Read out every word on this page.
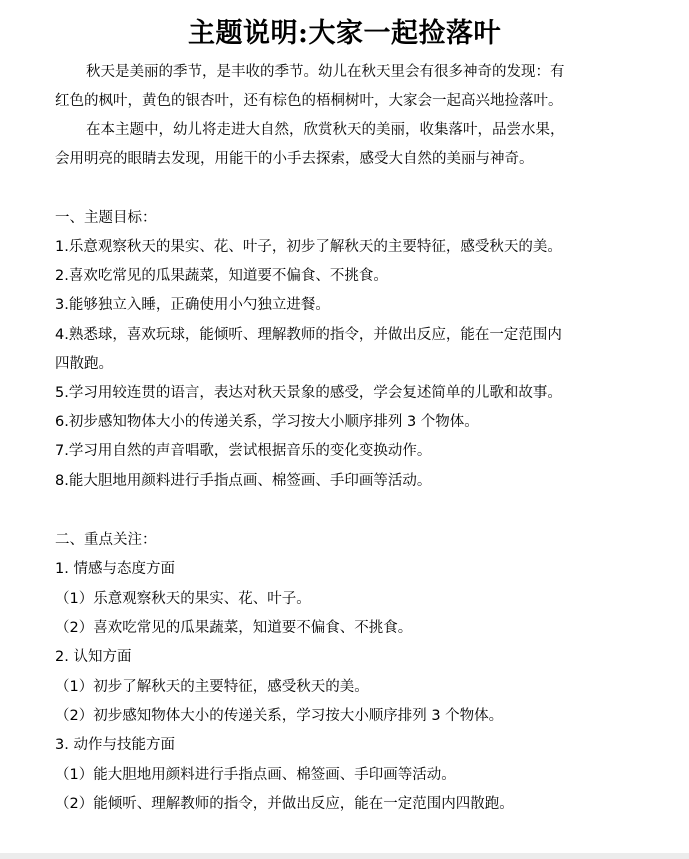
主题说明:大家一起捡落叶
秋天是美丽的季节，是丰收的季节。幼儿在秋天里会有很多神奇的发现：有
红色的枫叶，黄色的银杏叶，还有棕色的梧桐树叶，大家会一起高兴地捡落叶。
在本主题中，幼儿将走进大自然，欣赏秋天的美丽，收集落叶，品尝水果，
会用明亮的眼睛去发现，用能干的小手去探索，感受大自然的美丽与神奇。
一、主题目标：
1.乐意观察秋天的果实、花、叶子，初步了解秋天的主要特征，感受秋天的美。
2.喜欢吃常见的瓜果蔬菜，知道要不偏食、不挑食。
3.能够独立入睡，正确使用小勺独立进餐。
4.熟悉球，喜欢玩球，能倾听、理解教师的指令，并做出反应，能在一定范围内
四散跑。
5.学习用较连贯的语言，表达对秋天景象的感受，学会复述简单的儿歌和故事。
6.初步感知物体大小的传递关系，学习按大小顺序排列 3 个物体。
7.学习用自然的声音唱歌，尝试根据音乐的变化变换动作。
8.能大胆地用颜料进行手指点画、棉签画、手印画等活动。
二、重点关注：
1. 情感与态度方面
（1）乐意观察秋天的果实、花、叶子。
（2）喜欢吃常见的瓜果蔬菜，知道要不偏食、不挑食。
2. 认知方面
（1）初步了解秋天的主要特征，感受秋天的美。
（2）初步感知物体大小的传递关系，学习按大小顺序排列 3 个物体。
3. 动作与技能方面
（1）能大胆地用颜料进行手指点画、棉签画、手印画等活动。
（2）能倾听、理解教师的指令，并做出反应，能在一定范围内四散跑。
